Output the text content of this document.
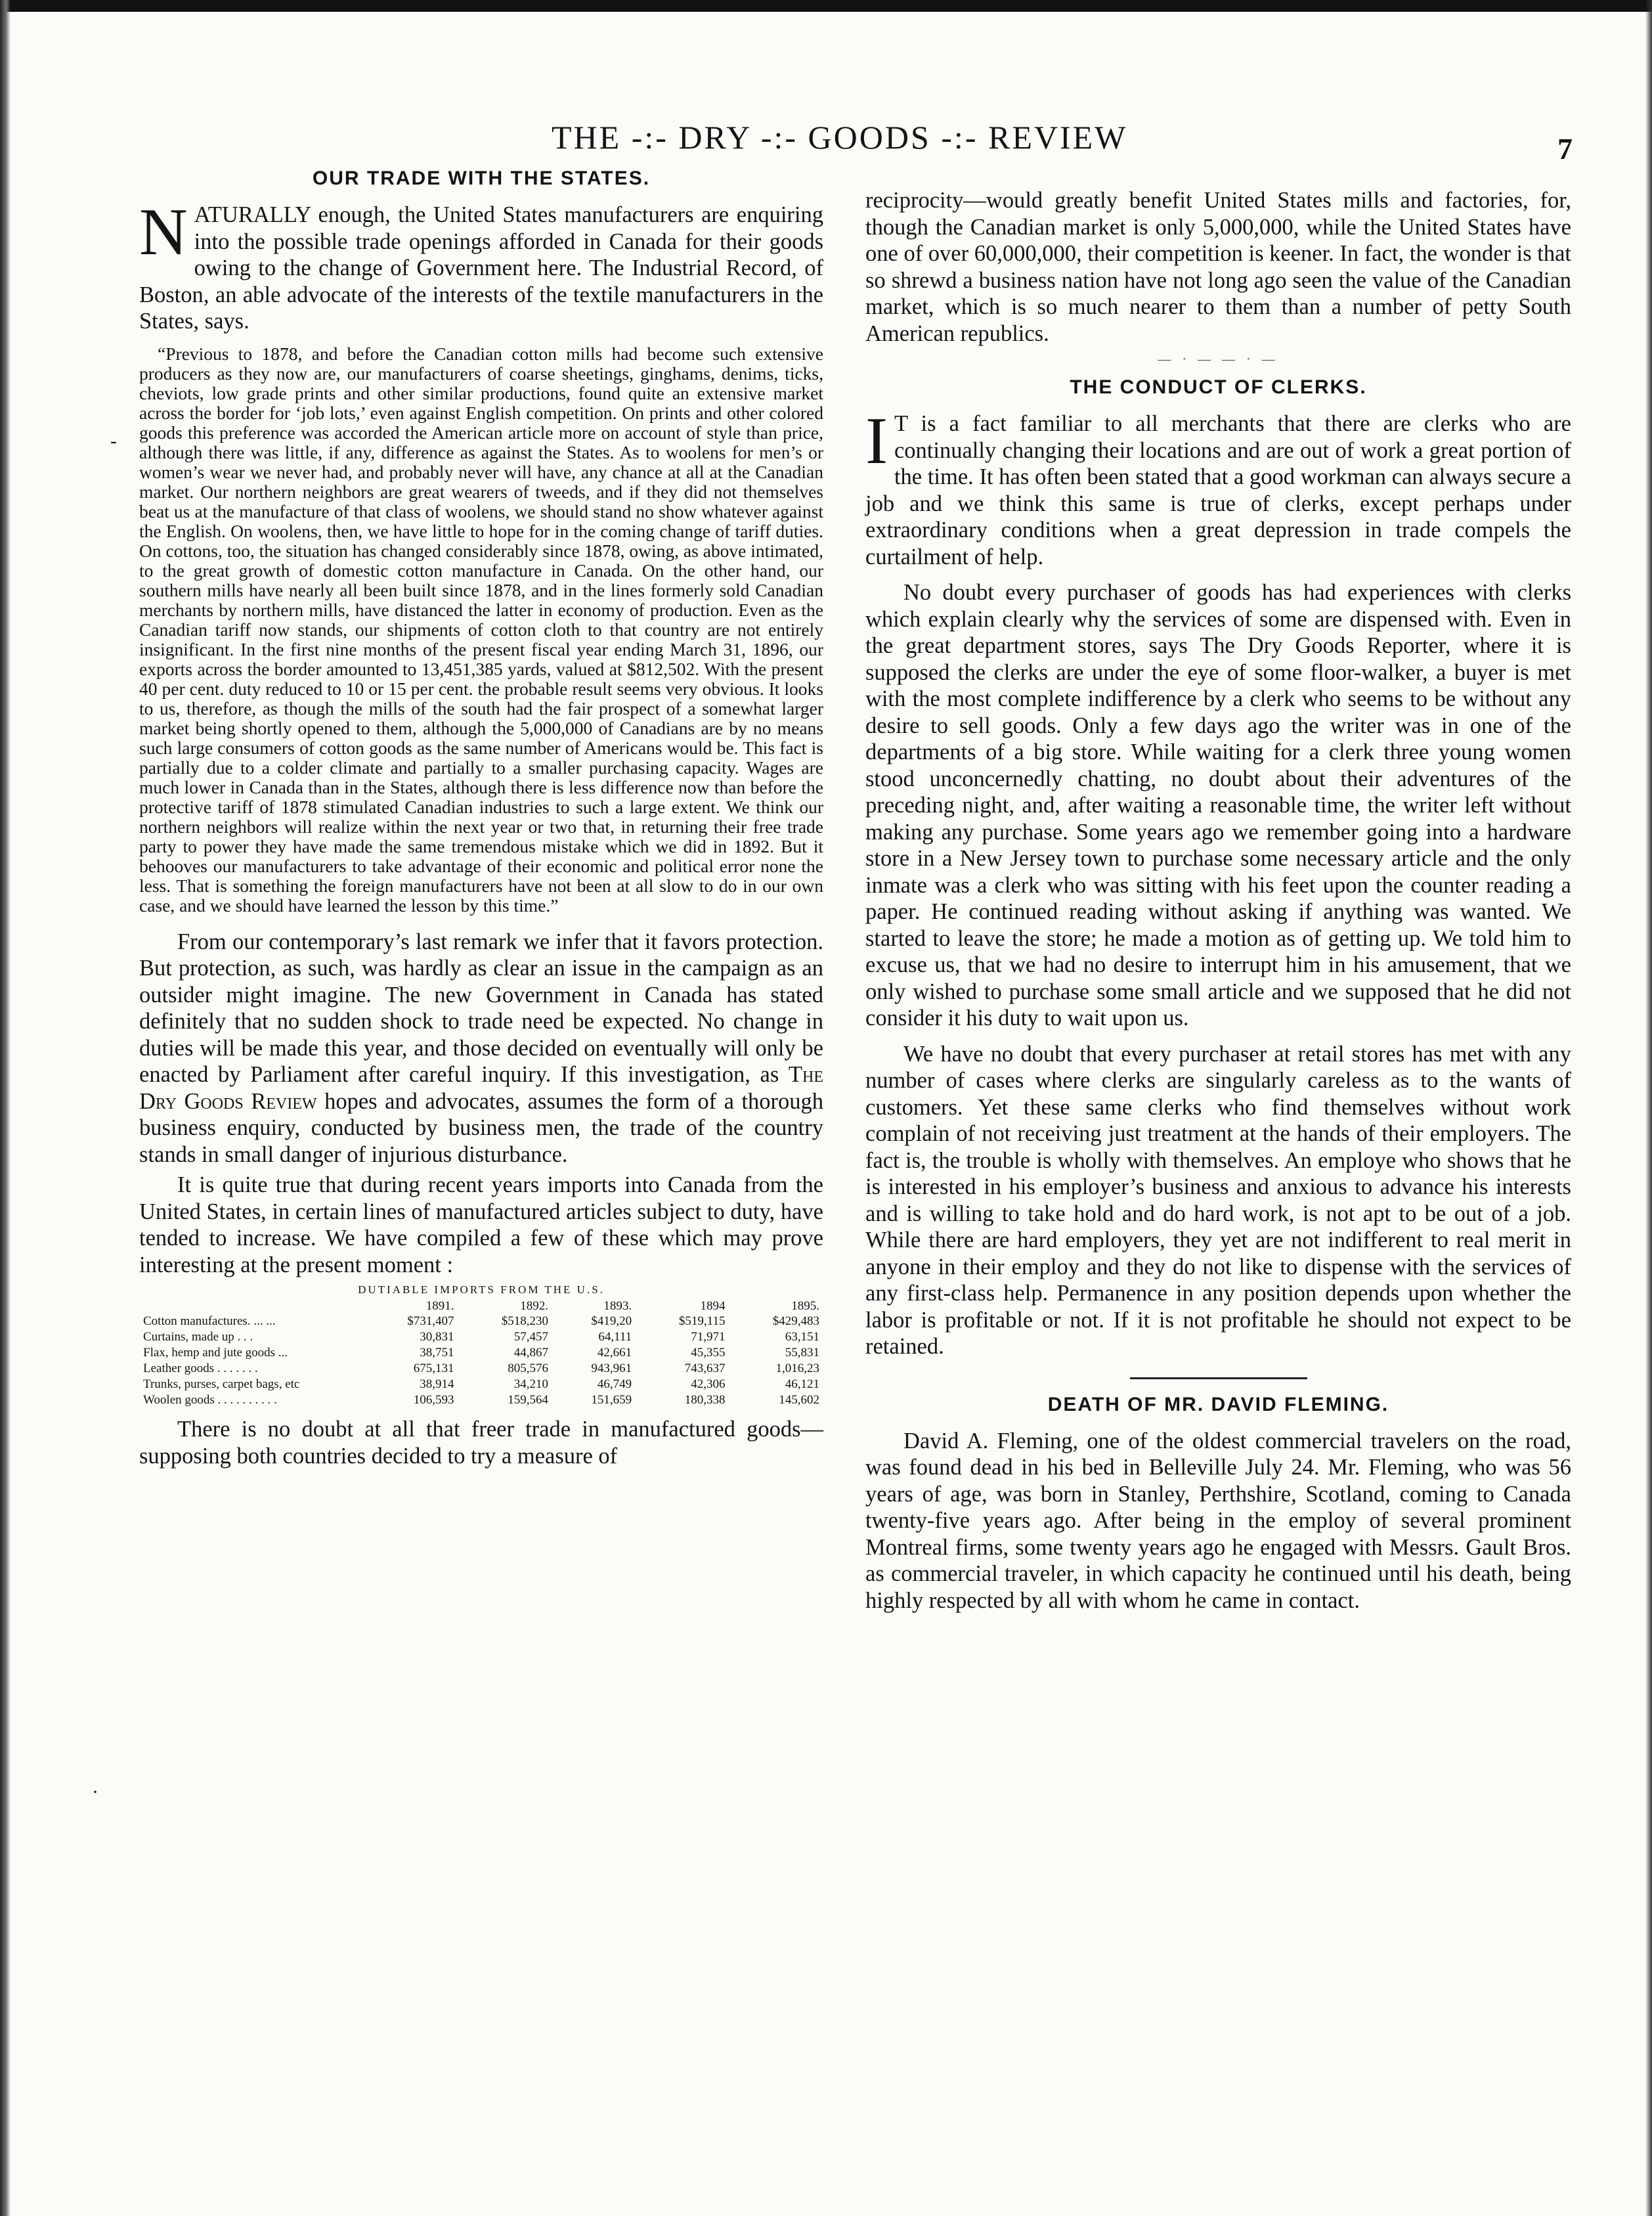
THE -:- DRY -:- GOODS -:- REVIEW	7
-
·
OUR TRADE WITH THE STATES.

NATURALLY enough, the United States manufacturers are enquiring into the possible trade openings afforded in Canada for their goods owing to the change of Government here. The Industrial Record, of Boston, an able advocate of the interests of the textile manufacturers in the States, says.

“Previous to 1878, and before the Canadian cotton mills had become such extensive producers as they now are, our manufacturers of coarse sheetings, ginghams, denims, ticks, cheviots, low grade prints and other similar productions, found quite an extensive market across the border for ‘job lots,’ even against English competition. On prints and other colored goods this preference was accorded the American article more on account of style than price, although there was little, if any, difference as against the States. As to woolens for men’s or women’s wear we never had, and probably never will have, any chance at all at the Canadian market. Our northern neighbors are great wearers of tweeds, and if they did not themselves beat us at the manufacture of that class of woolens, we should stand no show whatever against the English. On woolens, then, we have little to hope for in the coming change of tariff duties. On cottons, too, the situation has changed considerably since 1878, owing, as above intimated, to the great growth of domestic cotton manufacture in Canada. On the other hand, our southern mills have nearly all been built since 1878, and in the lines formerly sold Canadian merchants by northern mills, have distanced the latter in economy of production. Even as the Canadian tariff now stands, our shipments of cotton cloth to that country are not entirely insignificant. In the first nine months of the present fiscal year ending March 31, 1896, our exports across the border amounted to 13,451,385 yards, valued at $812,502. With the present 40 per cent. duty reduced to 10 or 15 per cent. the probable result seems very obvious. It looks to us, therefore, as though the mills of the south had the fair prospect of a somewhat larger market being shortly opened to them, although the 5,000,000 of Canadians are by no means such large consumers of cotton goods as the same number of Americans would be. This fact is partially due to a colder climate and partially to a smaller purchasing capacity. Wages are much lower in Canada than in the States, although there is less difference now than before the protective tariff of 1878 stimulated Canadian industries to such a large extent. We think our northern neighbors will realize within the next year or two that, in returning their free trade party to power they have made the same tremendous mistake which we did in 1892. But it behooves our manufacturers to take advantage of their economic and political error none the less. That is something the foreign manufacturers have not been at all slow to do in our own case, and we should have learned the lesson by this time.”

From our contemporary’s last remark we infer that it favors protection. But protection, as such, was hardly as clear an issue in the campaign as an outsider might imagine. The new Government in Canada has stated definitely that no sudden shock to trade need be expected. No change in duties will be made this year, and those decided on eventually will only be enacted by Parliament after careful inquiry. If this investigation, as The Dry Goods Review hopes and advocates, assumes the form of a thorough business enquiry, conducted by business men, the trade of the country stands in small danger of injurious disturbance.

It is quite true that during recent years imports into Canada from the United States, in certain lines of manufactured articles subject to duty, have tended to increase. We have compiled a few of these which may prove interesting at the present moment :

DUTIABLE IMPORTS FROM THE U.S.
	1891.	1892.	1893.	1894	1895.
Cotton manufactures. ... ...	$731,407	$518,230	$419,20	$519,115	$429,483
Curtains, made up . . .	30,831	57,457	64,111	71,971	63,151
Flax, hemp and jute goods ...	38,751	44,867	42,661	45,355	55,831
Leather goods . . . . . . .	675,131	805,576	943,961	743,637	1,016,23
Trunks, purses, carpet bags, etc	38,914	34,210	46,749	42,306	46,121
Woolen goods . . . . . . . . . .	106,593	159,564	151,659	180,338	145,602

There is no doubt at all that freer trade in manufactured goods—supposing both countries decided to try a measure of

reciprocity—would greatly benefit United States mills and factories, for, though the Canadian market is only 5,000,000, while the United States have one of over 60,000,000, their competition is keener. In fact, the wonder is that so shrewd a business nation have not long ago seen the value of the Canadian market, which is so much nearer to them than a number of petty South American republics.

— · — — · —
THE CONDUCT OF CLERKS.

I T is a fact familiar to all merchants that there are clerks who are continually changing their locations and are out of work a great portion of the time. It has often been stated that a good workman can always secure a job and we think this same is true of clerks, except perhaps under extraordinary conditions when a great depression in trade compels the curtailment of help.

No doubt every purchaser of goods has had experiences with clerks which explain clearly why the services of some are dispensed with. Even in the great department stores, says The Dry Goods Reporter, where it is supposed the clerks are under the eye of some floor-walker, a buyer is met with the most complete indifference by a clerk who seems to be without any desire to sell goods. Only a few days ago the writer was in one of the departments of a big store. While waiting for a clerk three young women stood unconcernedly chatting, no doubt about their adventures of the preceding night, and, after waiting a reasonable time, the writer left without making any purchase. Some years ago we remember going into a hardware store in a New Jersey town to purchase some necessary article and the only inmate was a clerk who was sitting with his feet upon the counter reading a paper. He continued reading without asking if anything was wanted. We started to leave the store; he made a motion as of getting up. We told him to excuse us, that we had no desire to interrupt him in his amusement, that we only wished to purchase some small article and we supposed that he did not consider it his duty to wait upon us.

We have no doubt that every purchaser at retail stores has met with any number of cases where clerks are singularly careless as to the wants of customers. Yet these same clerks who find themselves without work complain of not receiving just treatment at the hands of their employers. The fact is, the trouble is wholly with themselves. An employe who shows that he is interested in his employer’s business and anxious to advance his interests and is willing to take hold and do hard work, is not apt to be out of a job. While there are hard employers, they yet are not indifferent to real merit in anyone in their employ and they do not like to dispense with the services of any first-class help. Permanence in any position depends upon whether the labor is profitable or not. If it is not profitable he should not expect to be retained.

DEATH OF MR. DAVID FLEMING.

David A. Fleming, one of the oldest commercial travelers on the road, was found dead in his bed in Belleville July 24. Mr. Fleming, who was 56 years of age, was born in Stanley, Perthshire, Scotland, coming to Canada twenty-five years ago. After being in the employ of several prominent Montreal firms, some twenty years ago he engaged with Messrs. Gault Bros. as commercial traveler, in which capacity he continued until his death, being highly respected by all with whom he came in contact.
